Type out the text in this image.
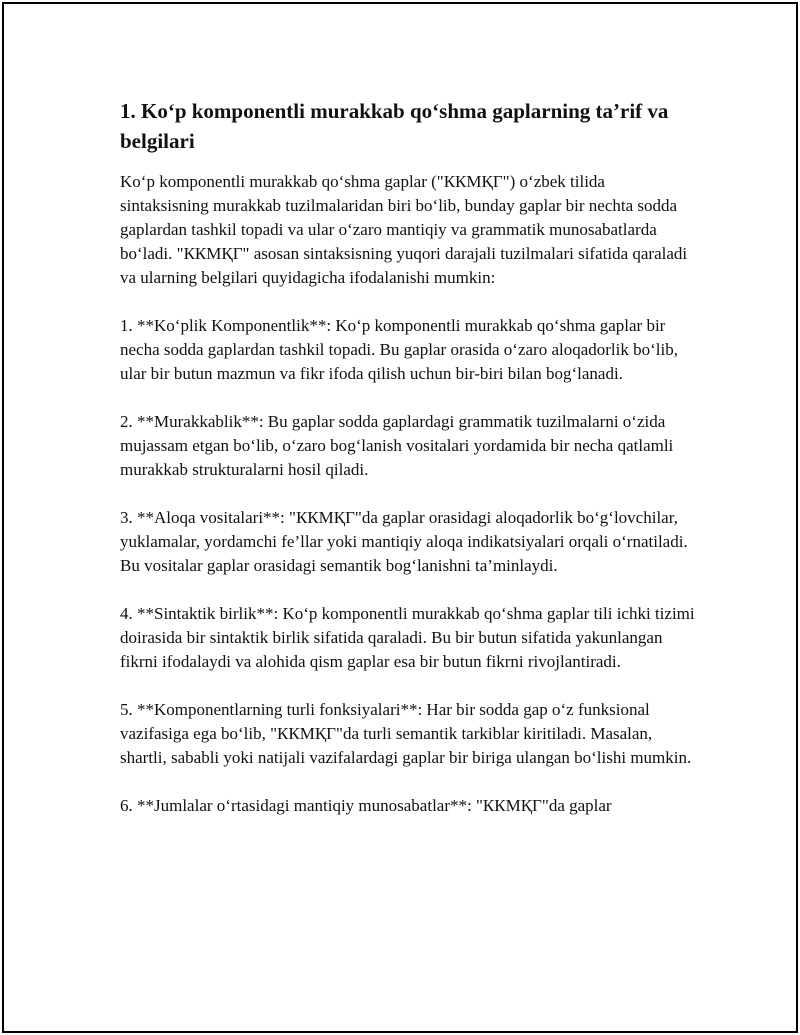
1. Ko‘p komponentli murakkab qo‘shma gaplarning ta’rif va belgilari

Ko‘p komponentli murakkab qo‘shma gaplar ("ККМҚГ") o‘zbek tilida sintaksisning murakkab tuzilmalaridan biri bo‘lib, bunday gaplar bir nechta sodda gaplardan tashkil topadi va ular o‘zaro mantiqiy va grammatik munosabatlarda bo‘ladi. "ККМҚГ" asosan sintaksisning yuqori darajali tuzilmalari sifatida qaraladi va ularning belgilari quyidagicha ifodalanishi mumkin:

1. **Ko‘plik Komponentlik**: Ko‘p komponentli murakkab qo‘shma gaplar bir necha sodda gaplardan tashkil topadi. Bu gaplar orasida o‘zaro aloqadorlik bo‘lib, ular bir butun mazmun va fikr ifoda qilish uchun bir-biri bilan bog‘lanadi.

2. **Murakkablik**: Bu gaplar sodda gaplardagi grammatik tuzilmalarni o‘zida mujassam etgan bo‘lib, o‘zaro bog‘lanish vositalari yordamida bir necha qatlamli murakkab strukturalarni hosil qiladi.

3. **Aloqa vositalari**: "ККМҚГ"da gaplar orasidagi aloqadorlik bo‘g‘lovchilar, yuklamalar, yordamchi fe’llar yoki mantiqiy aloqa indikatsiyalari orqali o‘rnatiladi. Bu vositalar gaplar orasidagi semantik bog‘lanishni ta’minlaydi.

4. **Sintaktik birlik**: Ko‘p komponentli murakkab qo‘shma gaplar tili ichki tizimi doirasida bir sintaktik birlik sifatida qaraladi. Bu bir butun sifatida yakunlangan fikrni ifodalaydi va alohida qism gaplar esa bir butun fikrni rivojlantiradi.

5. **Komponentlarning turli fonksiyalari**: Har bir sodda gap o‘z funksional vazifasiga ega bo‘lib, "ККМҚГ"da turli semantik tarkiblar kiritiladi. Masalan, shartli, sababli yoki natijali vazifalardagi gaplar bir biriga ulangan bo‘lishi mumkin.

6. **Jumlalar o‘rtasidagi mantiqiy munosabatlar**: "ККМҚГ"da gaplar
